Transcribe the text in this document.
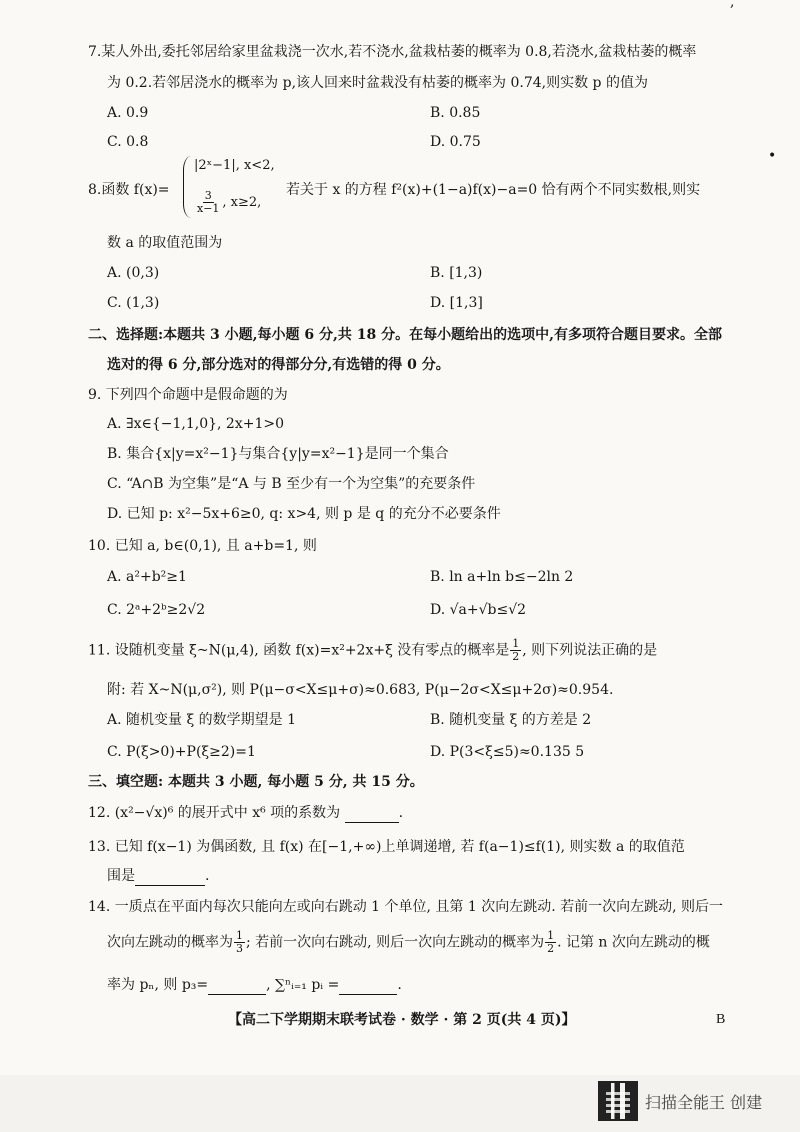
7.某人外出,委托邻居给家里盆栽浇一次水,若不浇水,盆栽枯萎的概率为 0.8,若浇水,盆栽枯萎的概率
为 0.2.若邻居浇水的概率为 p,该人回来时盆栽没有枯萎的概率为 0.74,则实数 p 的值为
A. 0.9	B. 0.85
C. 0.8	D. 0.75
8.函数 f(x)=
|2ˣ−1|, x<2,
$\frac{3}{x-1}$ , x≥2,
若关于 x 的方程 f²(x)+(1−a)f(x)−a=0 恰有两个不同实数根,则实
数 a 的取值范围为
A. (0,3)	B. [1,3)
C. (1,3)	D. [1,3]
二、选择题:本题共 3 小题,每小题 6 分,共 18 分。在每小题给出的选项中,有多项符合题目要求。全部
选对的得 6 分,部分选对的得部分分,有选错的得 0 分。
9. 下列四个命题中是假命题的为
A. ∃x∈{−1,1,0}, 2x+1>0
B. 集合{x|y=x²−1}与集合{y|y=x²−1}是同一个集合
C. “A∩B 为空集”是“A 与 B 至少有一个为空集”的充要条件
D. 已知 p: x²−5x+6≥0, q: x>4, 则 p 是 q 的充分不必要条件
10. 已知 a, b∈(0,1), 且 a+b=1, 则
A. a²+b²≥1	B. ln a+ln b≤−2ln 2
C. 2ᵃ+2ᵇ≥2√2	D. √a+√b≤√2
11. 设随机变量 ξ~N(μ,4), 函数 f(x)=x²+2x+ξ 没有零点的概率是 $\frac{1}{2}$ , 则下列说法正确的是
附: 若 X~N(μ,σ²), 则 P(μ−σ<X≤μ+σ)≈0.683, P(μ−2σ<X≤μ+2σ)≈0.954.
A. 随机变量 ξ 的数学期望是 1	B. 随机变量 ξ 的方差是 2
C. P(ξ>0)+P(ξ≥2)=1	D. P(3<ξ≤5)≈0.135 5
三、填空题: 本题共 3 小题, 每小题 5 分, 共 15 分。
12. (x²−√x)⁶ 的展开式中 x⁶ 项的系数为	.
13. 已知 f(x−1) 为偶函数, 且 f(x) 在[−1,+∞)上单调递增, 若 f(a−1)≤f(1), 则实数 a 的取值范
围是	.
14. 一质点在平面内每次只能向左或向右跳动 1 个单位, 且第 1 次向左跳动. 若前一次向左跳动, 则后一
次向左跳动的概率为 $\frac{1}{3}$ ; 若前一次向右跳动, 则后一次向左跳动的概率为 $\frac{1}{2}$ . 记第 n 次向左跳动的概
率为 pₙ, 则 p₃=	, ∑ⁿᵢ₌₁ pᵢ =	.
【高二下学期期末联考试卷 · 数学 · 第 2 页(共 4 页)】	B
,
•
扫描全能王 创建
